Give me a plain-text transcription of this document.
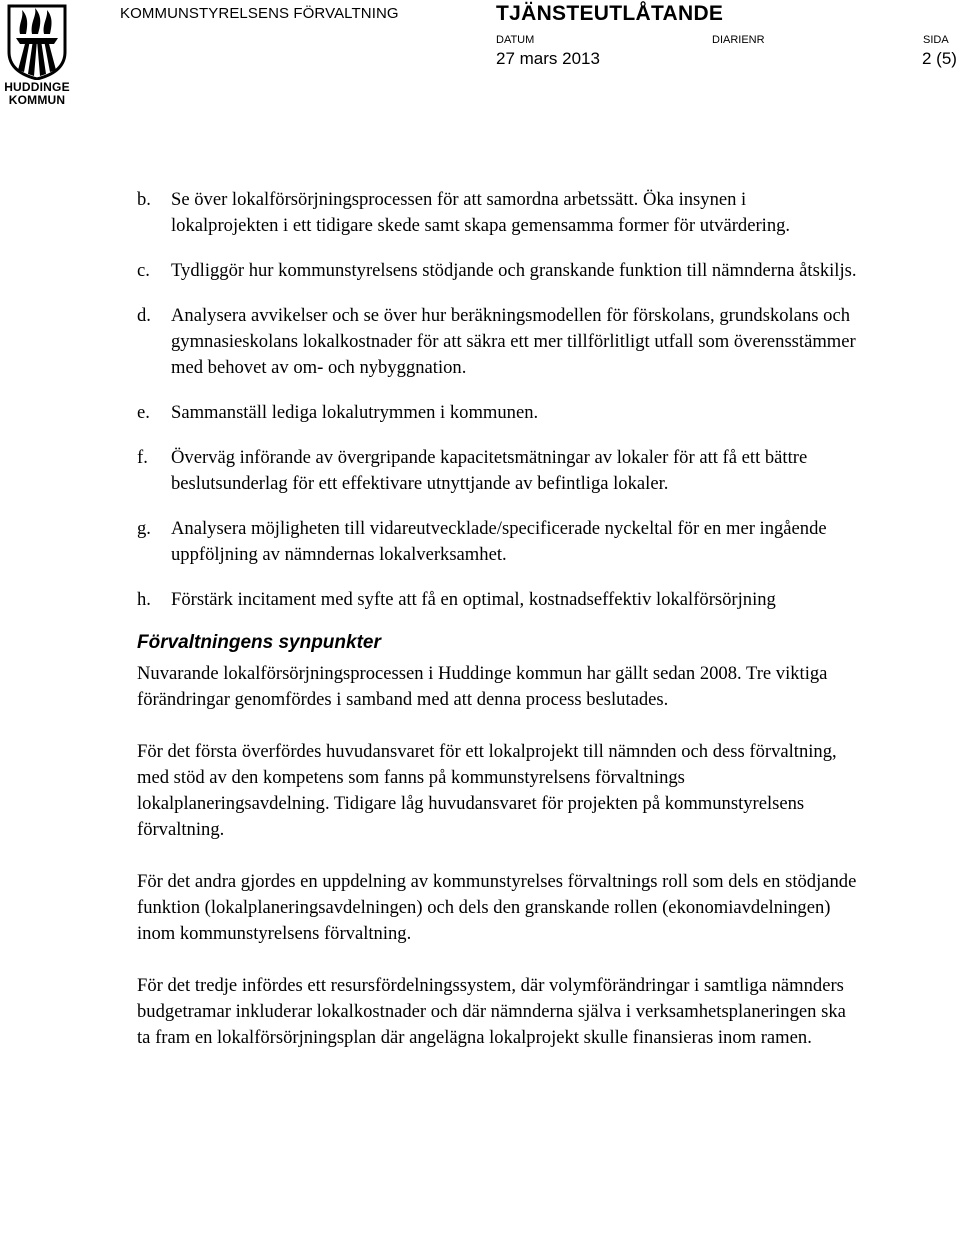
HUDDINGE
KOMMUN
KOMMUNSTYRELSENS FÖRVALTNING	TJÄNSTEUTLÅTANDE
DATUM	DIARIENR	SIDA
27 mars 2013	2 (5)
b.	Se över lokalförsörjningsprocessen för att samordna arbetssätt. Öka insynen i lokalprojekten i ett tidigare skede samt skapa gemensamma former för utvärdering.
c.	Tydliggör hur kommunstyrelsens stödjande och granskande funktion till nämnderna åtskiljs.
d.	Analysera avvikelser och se över hur beräkningsmodellen för förskolans, grundskolans och gymnasieskolans lokalkostnader för att säkra ett mer tillförlitligt utfall som överensstämmer med behovet av om- och nybyggnation.
e.	Sammanställ lediga lokalutrymmen i kommunen.
f.	Överväg införande av övergripande kapacitetsmätningar av lokaler för att få ett bättre beslutsunderlag för ett effektivare utnyttjande av befintliga lokaler.
g.	Analysera möjligheten till vidareutvecklade/specificerade nyckeltal för en mer ingående uppföljning av nämndernas lokalverksamhet.
h.	Förstärk incitament med syfte att få en optimal, kostnadseffektiv lokalförsörjning
Förvaltningens synpunkter

Nuvarande lokalförsörjningsprocessen i Huddinge kommun har gällt sedan 2008. Tre viktiga förändringar genomfördes i samband med att denna process beslutades.

För det första överfördes huvudansvaret för ett lokalprojekt till nämnden och dess förvaltning, med stöd av den kompetens som fanns på kommunstyrelsens förvaltnings lokalplaneringsavdelning. Tidigare låg huvudansvaret för projekten på kommunstyrelsens förvaltning.

För det andra gjordes en uppdelning av kommunstyrelses förvaltnings roll som dels en stödjande funktion (lokalplaneringsavdelningen) och dels den granskande rollen (ekonomiavdelningen) inom kommunstyrelsens förvaltning.

För det tredje infördes ett resursfördelningssystem, där volymförändringar i samtliga nämnders budgetramar inkluderar lokalkostnader och där nämnderna själva i verksamhetsplaneringen ska ta fram en lokalförsörjningsplan där angelägna lokalprojekt skulle finansieras inom ramen.
